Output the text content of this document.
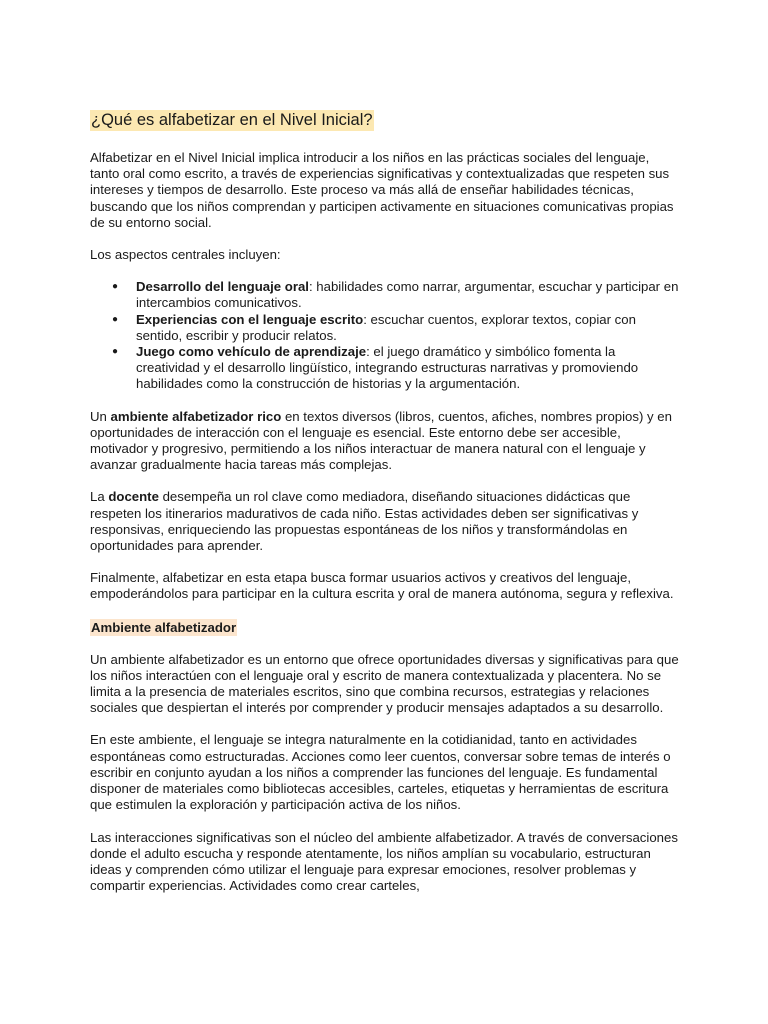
¿Qué es alfabetizar en el Nivel Inicial?

Alfabetizar en el Nivel Inicial implica introducir a los niños en las prácticas sociales del lenguaje, tanto oral como escrito, a través de experiencias significativas y contextualizadas que respeten sus intereses y tiempos de desarrollo. Este proceso va más allá de enseñar habilidades técnicas, buscando que los niños comprendan y participen activamente en situaciones comunicativas propias de su entorno social.

Los aspectos centrales incluyen:

● Desarrollo del lenguaje oral: habilidades como narrar, argumentar, escuchar y participar en intercambios comunicativos.
● Experiencias con el lenguaje escrito: escuchar cuentos, explorar textos, copiar con sentido, escribir y producir relatos.
● Juego como vehículo de aprendizaje: el juego dramático y simbólico fomenta la creatividad y el desarrollo lingüístico, integrando estructuras narrativas y promoviendo habilidades como la construcción de historias y la argumentación.

Un ambiente alfabetizador rico en textos diversos (libros, cuentos, afiches, nombres propios) y en oportunidades de interacción con el lenguaje es esencial. Este entorno debe ser accesible, motivador y progresivo, permitiendo a los niños interactuar de manera natural con el lenguaje y avanzar gradualmente hacia tareas más complejas.

La docente desempeña un rol clave como mediadora, diseñando situaciones didácticas que respeten los itinerarios madurativos de cada niño. Estas actividades deben ser significativas y responsivas, enriqueciendo las propuestas espontáneas de los niños y transformándolas en oportunidades para aprender.

Finalmente, alfabetizar en esta etapa busca formar usuarios activos y creativos del lenguaje, empoderándolos para participar en la cultura escrita y oral de manera autónoma, segura y reflexiva.

Ambiente alfabetizador

Un ambiente alfabetizador es un entorno que ofrece oportunidades diversas y significativas para que los niños interactúen con el lenguaje oral y escrito de manera contextualizada y placentera. No se limita a la presencia de materiales escritos, sino que combina recursos, estrategias y relaciones sociales que despiertan el interés por comprender y producir mensajes adaptados a su desarrollo.

En este ambiente, el lenguaje se integra naturalmente en la cotidianidad, tanto en actividades espontáneas como estructuradas. Acciones como leer cuentos, conversar sobre temas de interés o escribir en conjunto ayudan a los niños a comprender las funciones del lenguaje. Es fundamental disponer de materiales como bibliotecas accesibles, carteles, etiquetas y herramientas de escritura que estimulen la exploración y participación activa de los niños.

Las interacciones significativas son el núcleo del ambiente alfabetizador. A través de conversaciones donde el adulto escucha y responde atentamente, los niños amplían su vocabulario, estructuran ideas y comprenden cómo utilizar el lenguaje para expresar emociones, resolver problemas y compartir experiencias. Actividades como crear carteles,
